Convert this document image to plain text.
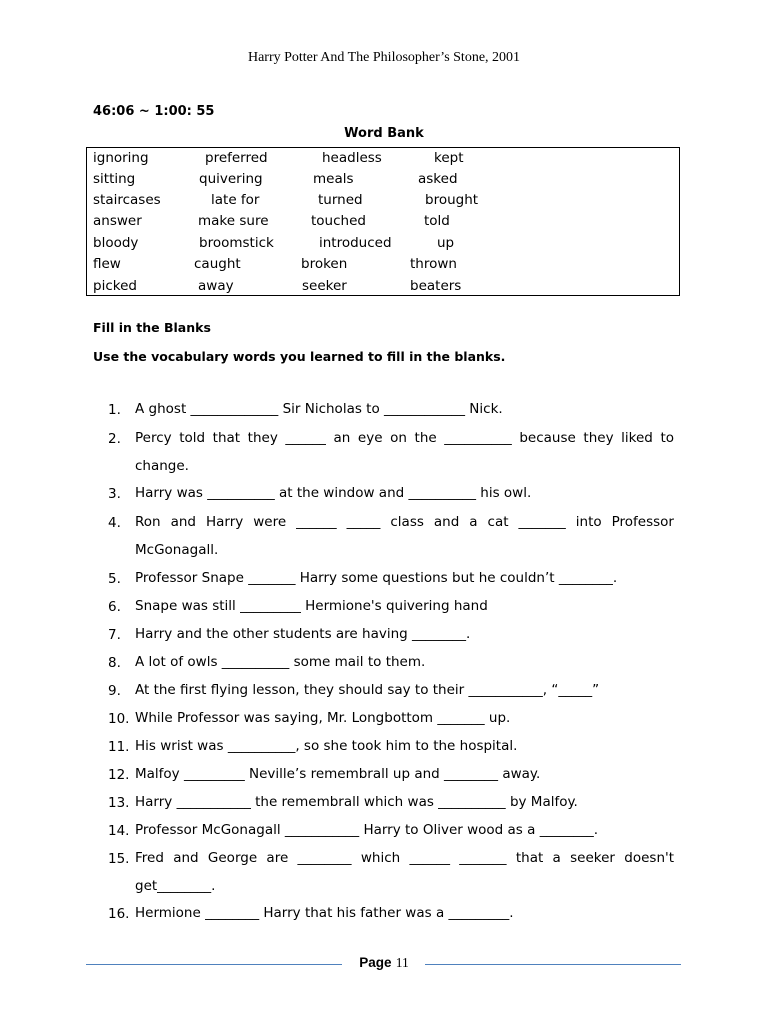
Harry Potter And The Philosopher’s Stone, 2001
46:06 ~ 1:00: 55
Word Bank
ignoring	preferred	headless	kept
sitting	quivering	meals	asked
staircases	late for	turned	brought
answer	make sure	touched	told
bloody	broomstick	introduced	up
flew	caught	broken	thrown
picked	away	seeker	beaters
Fill in the Blanks
Use the vocabulary words you learned to fill in the blanks.
1.	A ghost _____________ Sir Nicholas to ____________ Nick.
2.	Percy told that they ______ an eye on the __________ because they liked to
change.
3.	Harry was __________ at the window and __________ his owl.
4.	Ron and Harry were ______ _____ class and a cat _______ into Professor
McGonagall.
5.	Professor Snape _______ Harry some questions but he couldn’t ________.
6.	Snape was still _________ Hermione's quivering hand
7.	Harry and the other students are having ________.
8.	A lot of owls __________ some mail to them.
9.	At the first flying lesson, they should say to their ___________, “_____”
10. While Professor was saying, Mr. Longbottom _______ up.
11. His wrist was __________, so she took him to the hospital.
12. Malfoy _________ Neville’s remembrall up and ________ away.
13. Harry ___________ the remembrall which was __________ by Malfoy.
14. Professor McGonagall ___________ Harry to Oliver wood as a ________.
15. Fred and George are ________ which ______ _______ that a seeker doesn't
get________.
16. Hermione ________ Harry that his father was a _________.
Page 11
